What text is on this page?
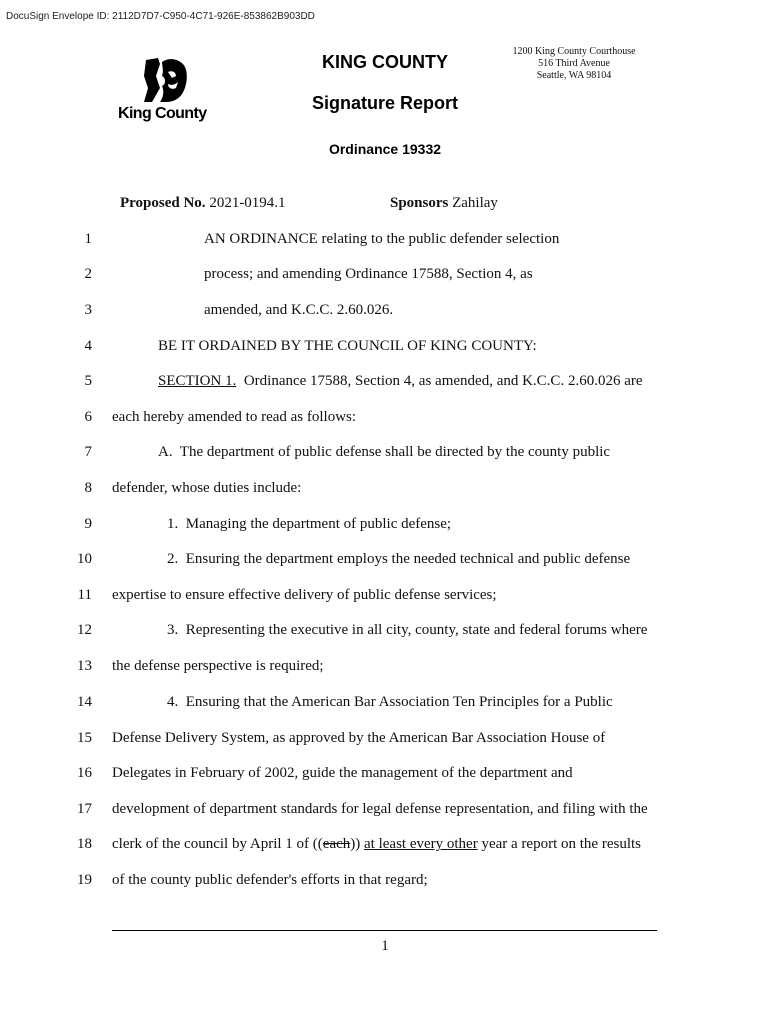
DocuSign Envelope ID: 2112D7D7-C950-4C71-926E-853862B903DD
King County
KING COUNTY
Signature Report
Ordinance 19332
1200 King County Courthouse
516 Third Avenue
Seattle, WA 98104
Proposed No. 2021-0194.1	Sponsors Zahilay
1	AN ORDINANCE relating to the public defender selection
2	process; and amending Ordinance 17588, Section 4, as
3	amended, and K.C.C. 2.60.026.
4	BE IT ORDAINED BY THE COUNCIL OF KING COUNTY:
5	SECTION 1.  Ordinance 17588, Section 4, as amended, and K.C.C. 2.60.026 are
6 each hereby amended to read as follows:
7	A.  The department of public defense shall be directed by the county public
8 defender, whose duties include:
9	1.  Managing the department of public defense;
10	2.  Ensuring the department employs the needed technical and public defense
11 expertise to ensure effective delivery of public defense services;
12	3.  Representing the executive in all city, county, state and federal forums where
13 the defense perspective is required;
14	4.  Ensuring that the American Bar Association Ten Principles for a Public
15 Defense Delivery System, as approved by the American Bar Association House of
16 Delegates in February of 2002, guide the management of the department and
17 development of department standards for legal defense representation, and filing with the
18 clerk of the council by April 1 of ((each)) at least every other year a report on the results
19 of the county public defender's efforts in that regard;
1
